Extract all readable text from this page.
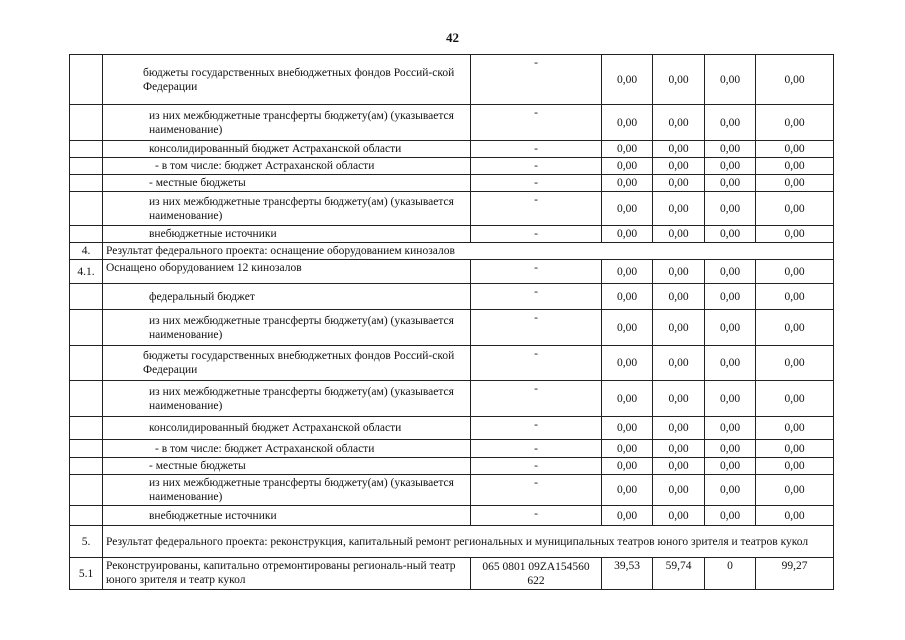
42
	бюджеты государственных внебюджетных фондов Россий-ской Федерации	-	0,00	0,00	0,00	0,00
	из них межбюджетные трансферты бюджету(ам) (указывается наименование)	-	0,00	0,00	0,00	0,00
	консолидированный бюджет Астраханской области	-	0,00	0,00	0,00	0,00
	- в том числе: бюджет Астраханской области	-	0,00	0,00	0,00	0,00
	- местные бюджеты	-	0,00	0,00	0,00	0,00
	из них межбюджетные трансферты бюджету(ам) (указывается наименование)	-	0,00	0,00	0,00	0,00
	внебюджетные источники	-	0,00	0,00	0,00	0,00
4.	Результат федерального проекта: оснащение оборудованием кинозалов					
4.1.	Оснащено оборудованием 12 кинозалов	-	0,00	0,00	0,00	0,00
	федеральный бюджет	-	0,00	0,00	0,00	0,00
	из них межбюджетные трансферты бюджету(ам) (указывается наименование)	-	0,00	0,00	0,00	0,00
	бюджеты государственных внебюджетных фондов Россий-ской Федерации	-	0,00	0,00	0,00	0,00
	из них межбюджетные трансферты бюджету(ам) (указывается наименование)	-	0,00	0,00	0,00	0,00
	консолидированный бюджет Астраханской области	-	0,00	0,00	0,00	0,00
	- в том числе: бюджет Астраханской области	-	0,00	0,00	0,00	0,00
	- местные бюджеты	-	0,00	0,00	0,00	0,00
	из них межбюджетные трансферты бюджету(ам) (указывается наименование)	-	0,00	0,00	0,00	0,00
	внебюджетные источники	-	0,00	0,00	0,00	0,00
5.	Результат федерального проекта: реконструкция, капитальный ремонт региональных и муниципальных театров юного зрителя и театров кукол					
5.1	Реконструированы, капитально отремонтированы региональ-ный театр юного зрителя и театр кукол	065 0801 09ZA154560 622	39,53	59,74	0	99,27
